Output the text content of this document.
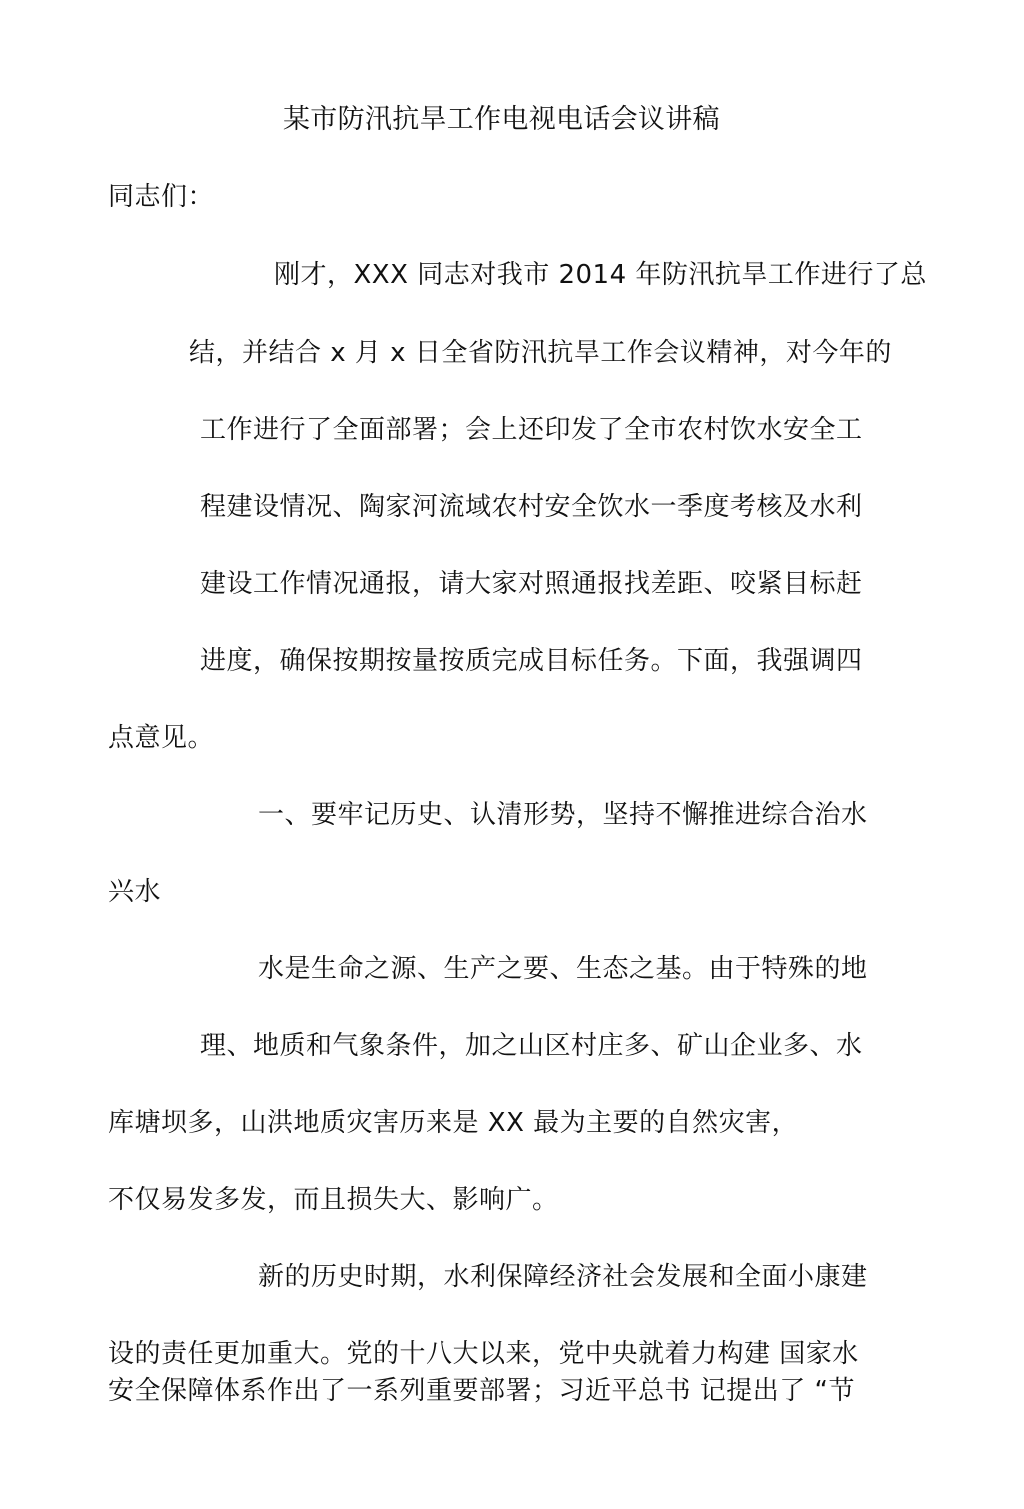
某市防汛抗旱工作电视电话会议讲稿
同志们：
刚才，XXX 同志对我市 2014 年防汛抗旱工作进行了总
结，并结合 x 月 x 日全省防汛抗旱工作会议精神，对今年的
工作进行了全面部署；会上还印发了全市农村饮水安全工
程建设情况、陶家河流域农村安全饮水一季度考核及水利
建设工作情况通报，请大家对照通报找差距、咬紧目标赶
进度，确保按期按量按质完成目标任务。下面，我强调四
点意见。
一、要牢记历史、认清形势，坚持不懈推进综合治水
兴水
水是生命之源、生产之要、生态之基。由于特殊的地
理、地质和气象条件，加之山区村庄多、矿山企业多、水
库塘坝多，山洪地质灾害历来是 XX 最为主要的自然灾害，
不仅易发多发，而且损失大、影响广。
新的历史时期，水利保障经济社会发展和全面小康建
设的责任更加重大。党的十八大以来，党中央就着力构建 国家水
安全保障体系作出了一系列重要部署；习近平总书 记提出了 “节
